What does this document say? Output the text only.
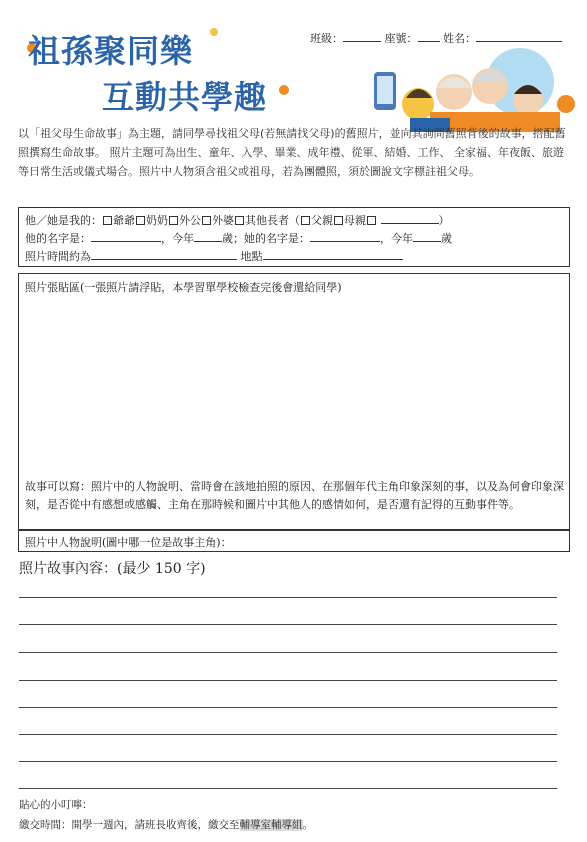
祖孫聚同樂
互動共學趣
班級：	座號： 姓名：
以「祖父母生命故事」為主題，請同學尋找祖父母(若無請找父母)的舊照片，並向其詢問舊照背後的故事，搭配舊照撰寫生命故事。 照片主題可為出生、童年、入學、畢業、成年禮、從軍、結婚、工作、 全家福、年夜飯、旅遊等日常生活或儀式場合。照片中人物須含祖父或祖母，若為團體照，須於圖說文字標註祖父母。
他／她是我的： 爺爺 奶奶 外公 外婆 其他長者（ 父親 母親	）
他的名字是：	，今年	歲；她的名字是：	，今年	歲
照片時間約為	地點
照片張貼區(一張照片請浮貼，本學習單學校檢查完後會還給同學)
故事可以寫：照片中的人物說明、當時會在該地拍照的原因、在那個年代主角印象深刻的事，以及為何會印象深刻，是否從中有感想或感觸、主角在那時候和圖片中其他人的感情如何，是否還有記得的互動事件等。
照片中人物說明(圖中哪一位是故事主角)：
照片故事內容：(最少 150 字)
貼心的小叮嚀：
繳交時間：開學一週內，請班長收齊後，繳交至輔導室輔導組。
